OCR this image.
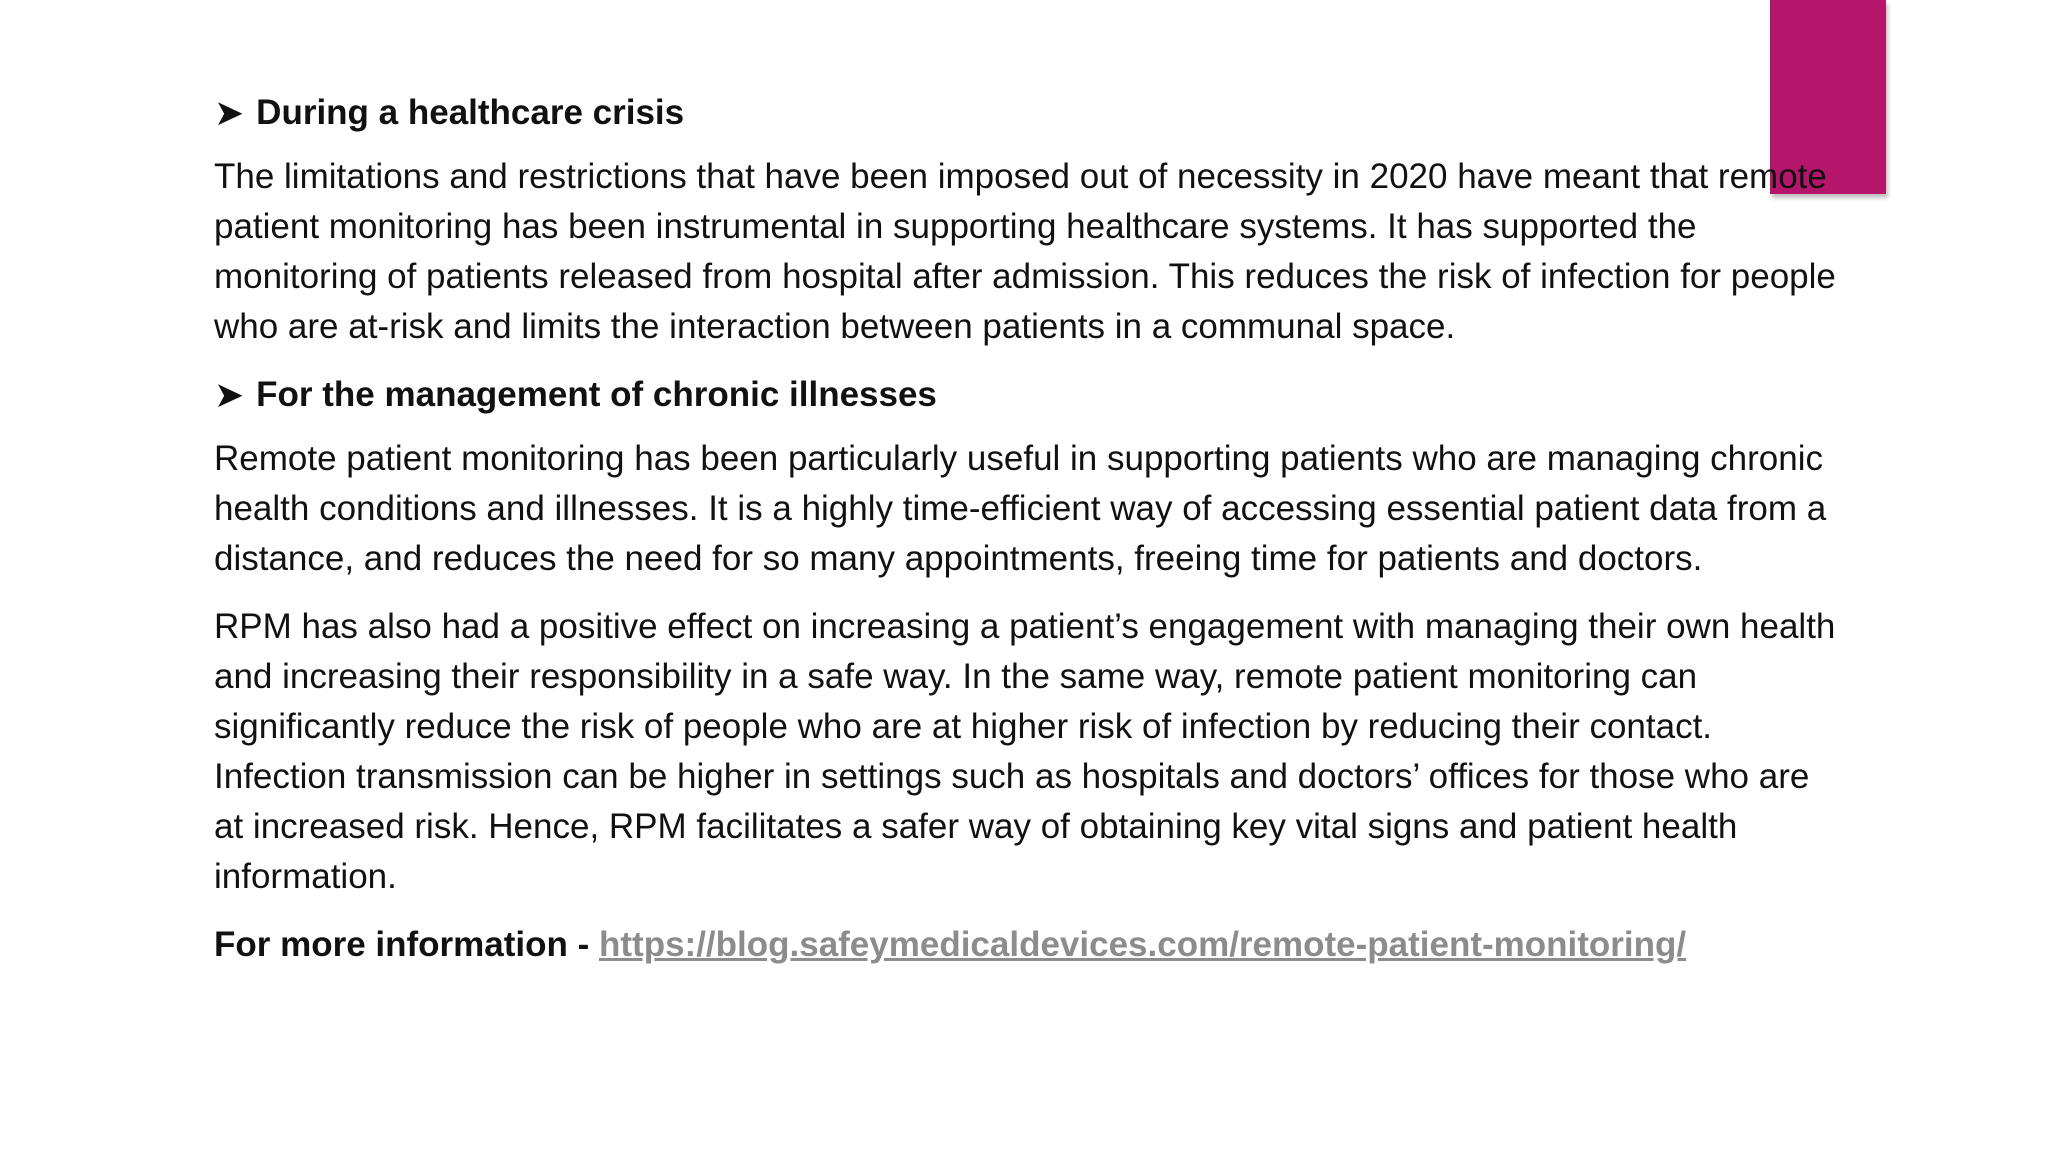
➤ During a healthcare crisis

The limitations and restrictions that have been imposed out of necessity in 2020 have meant that remote patient monitoring has been instrumental in supporting healthcare systems. It has supported the monitoring of patients released from hospital after admission. This reduces the risk of infection for people who are at-risk and limits the interaction between patients in a communal space.

➤ For the management of chronic illnesses

Remote patient monitoring has been particularly useful in supporting patients who are managing chronic health conditions and illnesses. It is a highly time-efficient way of accessing essential patient data from a distance, and reduces the need for so many appointments, freeing time for patients and doctors.

RPM has also had a positive effect on increasing a patient’s engagement with managing their own health and increasing their responsibility in a safe way. In the same way, remote patient monitoring can significantly reduce the risk of people who are at higher risk of infection by reducing their contact. Infection transmission can be higher in settings such as hospitals and doctors’ offices for those who are at increased risk. Hence, RPM facilitates a safer way of obtaining key vital signs and patient health information.

For more information - https://blog.safeymedicaldevices.com/remote-patient-monitoring/
